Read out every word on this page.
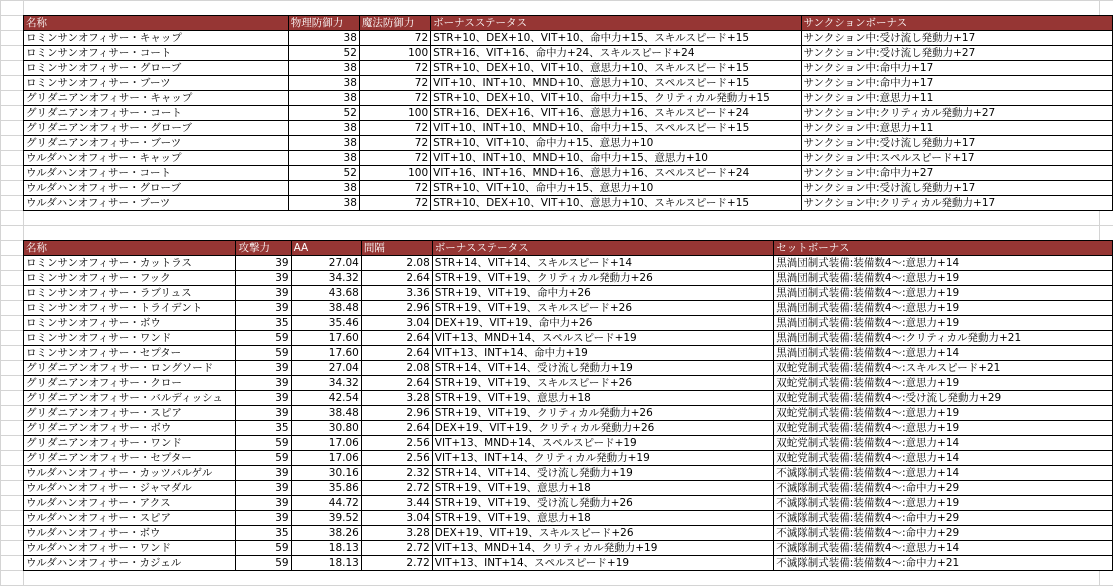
名称	物理防御力	魔法防御力	ボーナスステータス	サンクションボーナス
ロミンサンオフィサー・キャップ	38	72	STR+10、DEX+10、VIT+10、命中力+15、スキルスピード+15	サンクション中:受け流し発動力+17
ロミンサンオフィサー・コート	52	100	STR+16、VIT+16、命中力+24、スキルスピード+24	サンクション中:受け流し発動力+27
ロミンサンオフィサー・グローブ	38	72	STR+10、DEX+10、VIT+10、意思力+10、スキルスピード+15	サンクション中:命中力+17
ロミンサンオフィサー・ブーツ	38	72	VIT+10、INT+10、MND+10、意思力+10、スペルスピード+15	サンクション中:命中力+17
グリダニアンオフィサー・キャップ	38	72	STR+10、DEX+10、VIT+10、命中力+15、クリティカル発動力+15	サンクション中:意思力+11
グリダニアンオフィサー・コート	52	100	STR+16、DEX+16、VIT+16、意思力+16、スキルスピード+24	サンクション中:クリティカル発動力+27
グリダニアンオフィサー・グローブ	38	72	VIT+10、INT+10、MND+10、命中力+15、スペルスピード+15	サンクション中:意思力+11
グリダニアンオフィサー・ブーツ	38	72	STR+10、VIT+10、命中力+15、意思力+10	サンクション中:受け流し発動力+17
ウルダハンオフィサー・キャップ	38	72	VIT+10、INT+10、MND+10、命中力+15、意思力+10	サンクション中:スペルスピード+17
ウルダハンオフィサー・コート	52	100	VIT+16、INT+16、MND+16、意思力+16、スペルスピード+24	サンクション中:命中力+27
ウルダハンオフィサー・グローブ	38	72	STR+10、VIT+10、命中力+15、意思力+10	サンクション中:受け流し発動力+17
ウルダハンオフィサー・ブーツ	38	72	STR+10、DEX+10、VIT+10、意思力+10、スキルスピード+15	サンクション中:クリティカル発動力+17
名称	攻撃力	AA	間隔	ボーナスステータス	セットボーナス
ロミンサンオフィサー・カットラス	39	27.04	2.08	STR+14、VIT+14、スキルスピード+14	黒渦団制式装備:装備数4〜:意思力+14
ロミンサンオフィサー・フック	39	34.32	2.64	STR+19、VIT+19、クリティカル発動力+26	黒渦団制式装備:装備数4〜:意思力+19
ロミンサンオフィサー・ラブリュス	39	43.68	3.36	STR+19、VIT+19、命中力+26	黒渦団制式装備:装備数4〜:意思力+19
ロミンサンオフィサー・トライデント	39	38.48	2.96	STR+19、VIT+19、スキルスピード+26	黒渦団制式装備:装備数4〜:意思力+19
ロミンサンオフィサー・ボウ	35	35.46	3.04	DEX+19、VIT+19、命中力+26	黒渦団制式装備:装備数4〜:意思力+19
ロミンサンオフィサー・ワンド	59	17.60	2.64	VIT+13、MND+14、スペルスピード+19	黒渦団制式装備:装備数4〜:クリティカル発動力+21
ロミンサンオフィサー・セプター	59	17.60	2.64	VIT+13、INT+14、命中力+19	黒渦団制式装備:装備数4〜:意思力+14
グリダニアンオフィサー・ロングソード	39	27.04	2.08	STR+14、VIT+14、受け流し発動力+19	双蛇党制式装備:装備数4〜:スキルスピード+21
グリダニアンオフィサー・クロー	39	34.32	2.64	STR+19、VIT+19、スキルスピード+26	双蛇党制式装備:装備数4〜:意思力+19
グリダニアンオフィサー・バルディッシュ	39	42.54	3.28	STR+19、VIT+19、意思力+18	双蛇党制式装備:装備数4〜:受け流し発動力+29
グリダニアンオフィサー・スピア	39	38.48	2.96	STR+19、VIT+19、クリティカル発動力+26	双蛇党制式装備:装備数4〜:意思力+19
グリダニアンオフィサー・ボウ	35	30.80	2.64	DEX+19、VIT+19、クリティカル発動力+26	双蛇党制式装備:装備数4〜:意思力+19
グリダニアンオフィサー・ワンド	59	17.06	2.56	VIT+13、MND+14、スペルスピード+19	双蛇党制式装備:装備数4〜:意思力+14
グリダニアンオフィサー・セプター	59	17.06	2.56	VIT+13、INT+14、クリティカル発動力+19	双蛇党制式装備:装備数4〜:意思力+14
ウルダハンオフィサー・カッツバルゲル	39	30.16	2.32	STR+14、VIT+14、受け流し発動力+19	不滅隊制式装備:装備数4〜:意思力+14
ウルダハンオフィサー・ジャマダル	39	35.86	2.72	STR+19、VIT+19、意思力+18	不滅隊制式装備:装備数4〜:命中力+29
ウルダハンオフィサー・アクス	39	44.72	3.44	STR+19、VIT+19、受け流し発動力+26	不滅隊制式装備:装備数4〜:意思力+19
ウルダハンオフィサー・スピア	39	39.52	3.04	STR+19、VIT+19、意思力+18	不滅隊制式装備:装備数4〜:命中力+29
ウルダハンオフィサー・ボウ	35	38.26	3.28	DEX+19、VIT+19、スキルスピード+26	不滅隊制式装備:装備数4〜:命中力+29
ウルダハンオフィサー・ワンド	59	18.13	2.72	VIT+13、MND+14、クリティカル発動力+19	不滅隊制式装備:装備数4〜:意思力+14
ウルダハンオフィサー・カジェル	59	18.13	2.72	VIT+13、INT+14、スペルスピード+19	不滅隊制式装備:装備数4〜:命中力+21
